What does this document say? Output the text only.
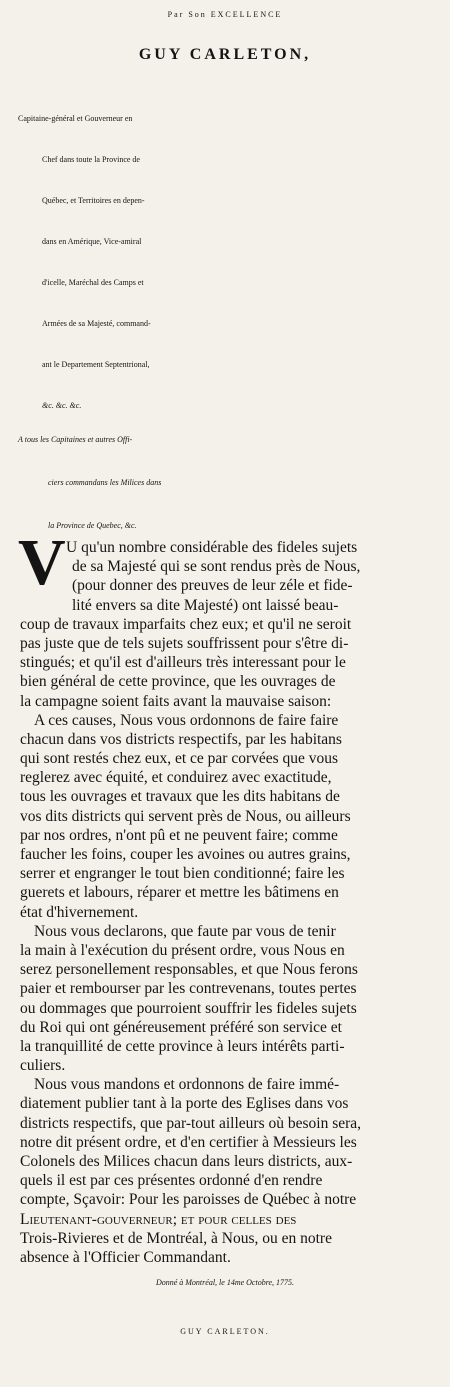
Par Son EXCELLENCE
GUY CARLETON,
Capitaine-général et Gouverneur en
Chef dans toute la Province de
Québec, et Territoires en depen-
dans en Amérique, Vice-amiral
d'icelle, Maréchal des Camps et
Armées de sa Majesté, command-
ant le Departement Septentrional,
&c. &c. &c.
A tous les Capitaines et autres Offi-
ciers commandans les Milices dans
la Province de Quebec, &c.
V U qu'un nombre considérable des fideles sujets
de sa Majesté qui se sont rendus près de Nous,
(pour donner des preuves de leur zéle et fide-
lité envers sa dite Majesté) ont laissé beau-
coup de travaux imparfaits chez eux; et qu'il ne seroit
pas juste que de tels sujets souffrissent pour s'être di-
stingués; et qu'il est d'ailleurs très interessant pour le
bien général de cette province, que les ouvrages de
la campagne soient faits avant la mauvaise saison:
A ces causes, Nous vous ordonnons de faire faire
chacun dans vos districts respectifs, par les habitans
qui sont restés chez eux, et ce par corvées que vous
reglerez avec équité, et conduirez avec exactitude,
tous les ouvrages et travaux que les dits habitans de
vos dits districts qui servent près de Nous, ou ailleurs
par nos ordres, n'ont pû et ne peuvent faire; comme
faucher les foins, couper les avoines ou autres grains,
serrer et engranger le tout bien conditionné; faire les
guerets et labours, réparer et mettre les bâtimens en
état d'hivernement.
Nous vous declarons, que faute par vous de tenir
la main à l'exécution du présent ordre, vous Nous en
serez personellement responsables, et que Nous ferons
paier et rembourser par les contrevenans, toutes pertes
ou dommages que pourroient souffrir les fideles sujets
du Roi qui ont généreusement préféré son service et
la tranquillité de cette province à leurs intérêts parti-
culiers.
Nous vous mandons et ordonnons de faire immé-
diatement publier tant à la porte des Eglises dans vos
districts respectifs, que par-tout ailleurs où besoin sera,
notre dit présent ordre, et d'en certifier à Messieurs les
Colonels des Milices chacun dans leurs districts, aux-
quels il est par ces présentes ordonné d'en rendre
compte, Sçavoir: Pour les paroisses de Québec à notre
Lieutenant-gouverneur; et pour celles des
Trois-Rivieres et de Montréal, à Nous, ou en notre
absence à l'Officier Commandant.
Donné à Montréal, le 14me Octobre, 1775.
GUY CARLETON.
